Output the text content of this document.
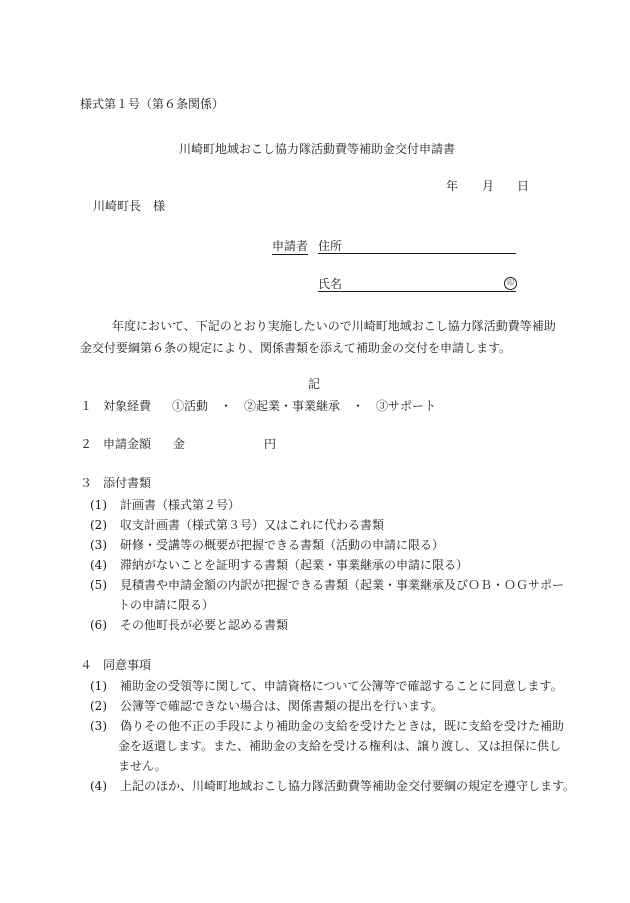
様式第１号（第６条関係）
川崎町地域おこし協力隊活動費等補助金交付申請書
年 月 日
川崎町長　様
申請者 住所
氏名	印
年度において、下記のとおり実施したいので川崎町地域おこし協力隊活動費等補助
金交付要綱第６条の規定により、関係書類を添えて補助金の交付を申請します。
記
１ 対象経費 ①活動　・　②起業・事業継承　・　③サポート
２ 申請金額 金	円
３ 添付書類
(1) 計画書（様式第２号）
(2) 収支計画書（様式第３号）又はこれに代わる書類
(3) 研修・受講等の概要が把握できる書類（活動の申請に限る）
(4) 滞納がないことを証明する書類（起業・事業継承の申請に限る）
(5) 見積書や申請金額の内訳が把握できる書類（起業・事業継承及びＯＢ・ＯＧサポー
トの申請に限る）
(6) その他町長が必要と認める書類
４ 同意事項
(1) 補助金の受領等に関して、申請資格について公簿等で確認することに同意します。
(2) 公簿等で確認できない場合は、関係書類の提出を行います。
(3) 偽りその他不正の手段により補助金の支給を受けたときは，既に支給を受けた補助
金を返還します。また、補助金の支給を受ける権利は、譲り渡し、又は担保に供し
ません。
(4) 上記のほか、川崎町地域おこし協力隊活動費等補助金交付要綱の規定を遵守します。
